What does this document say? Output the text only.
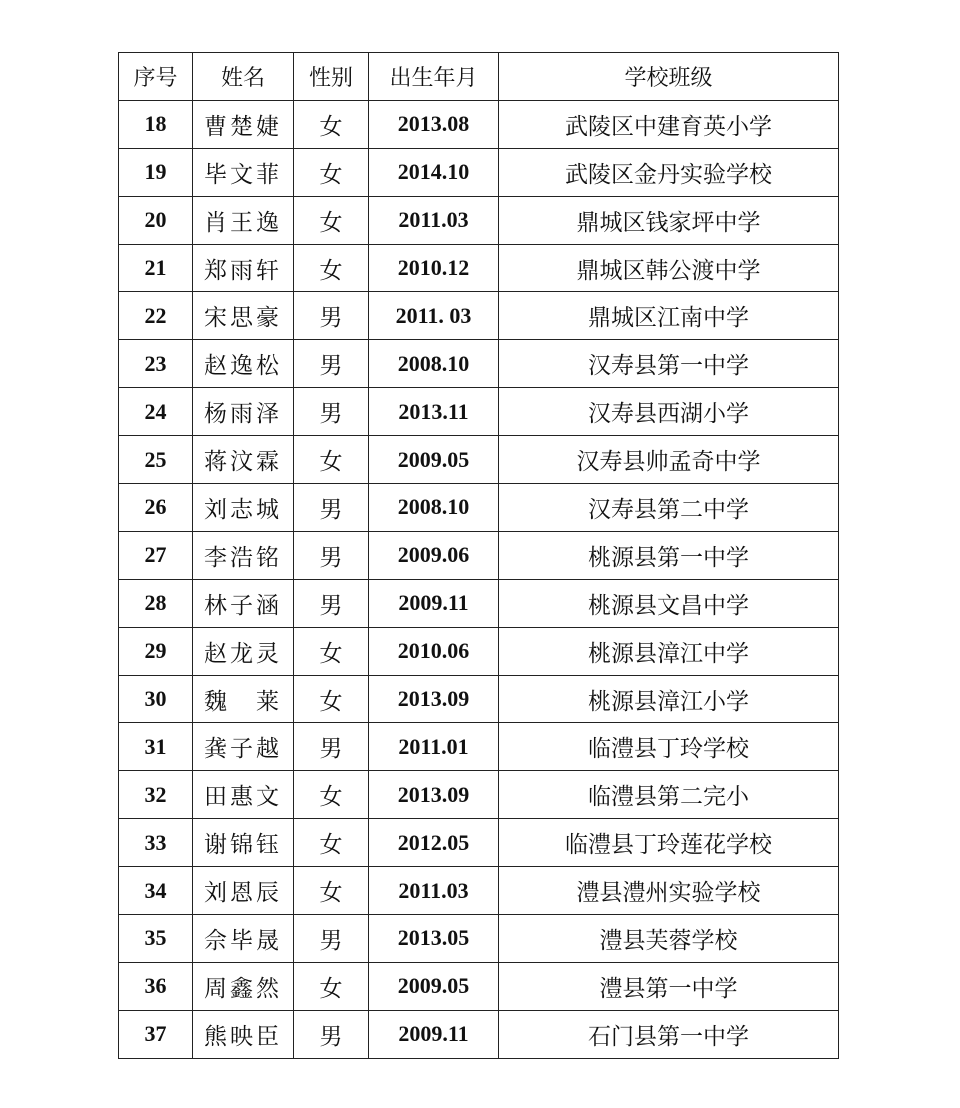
序号	姓名	性别	出生年月	学校班级
18	曹楚婕	女	2013.08	武陵区中建育英小学
19	毕文菲	女	2014.10	武陵区金丹实验学校
20	肖王逸	女	2011.03	鼎城区钱家坪中学
21	郑雨轩	女	2010.12	鼎城区韩公渡中学
22	宋思豪	男	2011. 03	鼎城区江南中学
23	赵逸松	男	2008.10	汉寿县第一中学
24	杨雨泽	男	2013.11	汉寿县西湖小学
25	蒋汶霖	女	2009.05	汉寿县帅孟奇中学
26	刘志城	男	2008.10	汉寿县第二中学
27	李浩铭	男	2009.06	桃源县第一中学
28	林子涵	男	2009.11	桃源县文昌中学
29	赵龙灵	女	2010.06	桃源县漳江中学
30	魏　莱	女	2013.09	桃源县漳江小学
31	龚子越	男	2011.01	临澧县丁玲学校
32	田惠文	女	2013.09	临澧县第二完小
33	谢锦钰	女	2012.05	临澧县丁玲莲花学校
34	刘恩辰	女	2011.03	澧县澧州实验学校
35	佘毕晟	男	2013.05	澧县芙蓉学校
36	周鑫然	女	2009.05	澧县第一中学
37	熊映臣	男	2009.11	石门县第一中学
